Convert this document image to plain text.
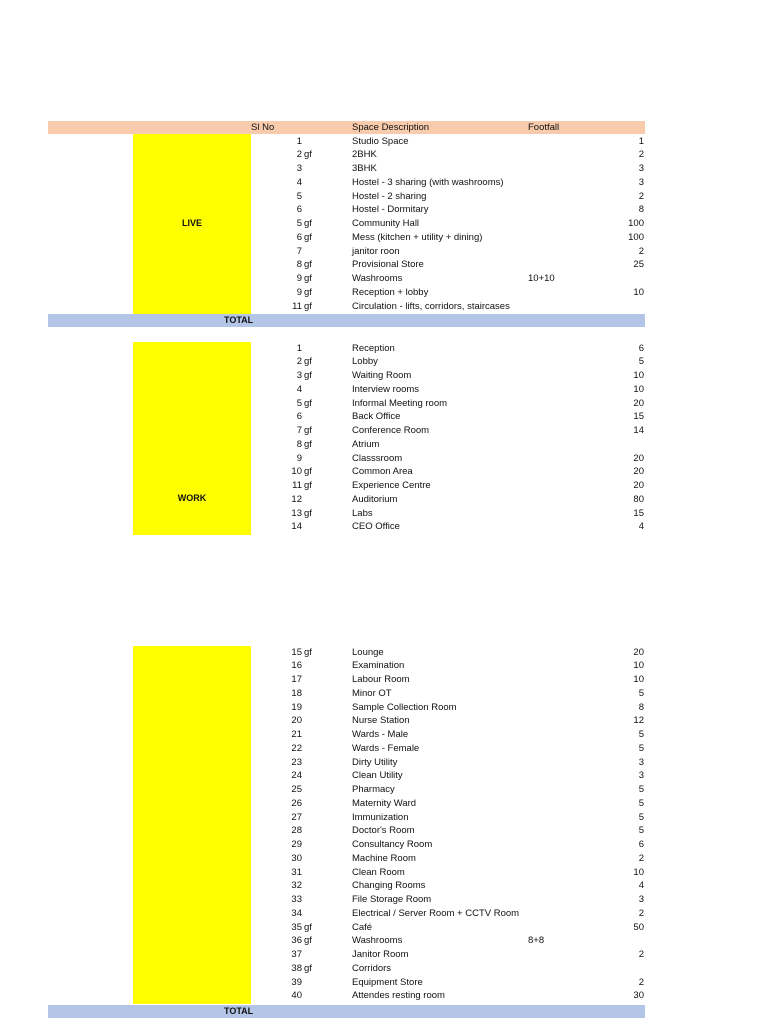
Sl No	Space Description	Footfall
LIVE
1	Studio Space	1
2 gf	2BHK	2
3	3BHK	3
4	Hostel - 3 sharing (with washrooms)	3
5	Hostel - 2 sharing	2
6	Hostel - Dormitary	8
5 gf	Community Hall	100
6 gf	Mess (kitchen + utility + dining)	100
7	janitor roon	2
8 gf	Provisional Store	25
9 gf	Washrooms	10+10
9 gf	Reception + lobby	10
11 gf	Circulation - lifts, corridors, staircases
TOTAL
WORK
1	Reception	6
2 gf	Lobby	5
3 gf	Waiting Room	10
4	Interview rooms	10
5 gf	Informal Meeting room	20
6	Back Office	15
7 gf	Conference Room	14
8 gf	Atrium
9	Classsroom	20
10 gf	Common Area	20
11 gf	Experience Centre	20
12	Auditorium	80
13 gf	Labs	15
14	CEO Office	4
15 gf	Lounge	20
16	Examination	10
17	Labour Room	10
18	Minor OT	5
19	Sample Collection Room	8
20	Nurse Station	12
21	Wards - Male	5
22	Wards - Female	5
23	Dirty Utility	3
24	Clean Utility	3
25	Pharmacy	5
26	Maternity Ward	5
27	Immunization	5
28	Doctor's Room	5
29	Consultancy Room	6
30	Machine Room	2
31	Clean Room	10
32	Changing Rooms	4
33	File Storage Room	3
34	Electrical / Server Room + CCTV Room	2
35 gf	Café	50
36 gf	Washrooms	8+8
37	Janitor Room	2
38 gf	Corridors
39	Equipment Store	2
40	Attendes resting room	30
TOTAL
